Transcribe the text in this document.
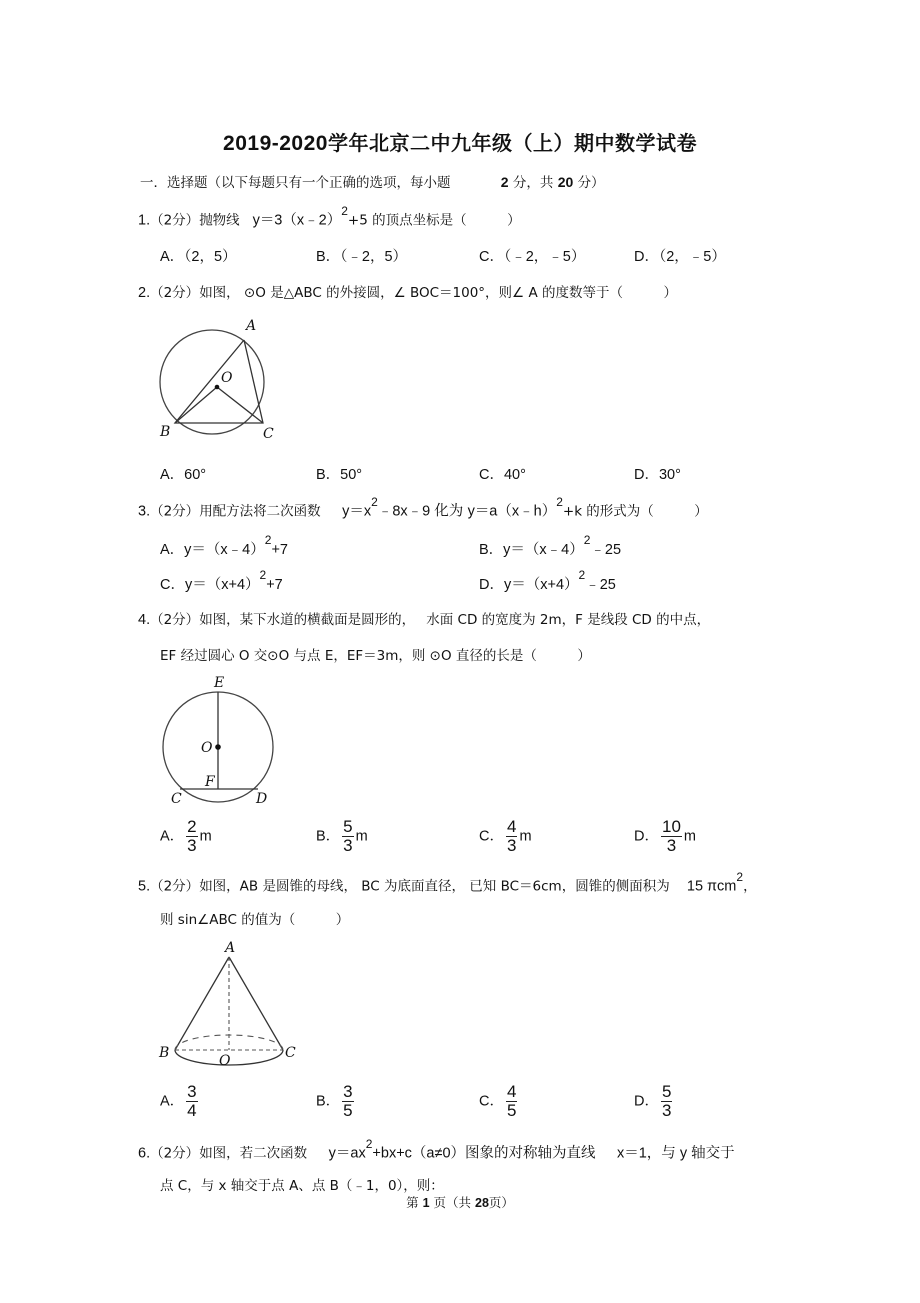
2019-2020学年北京二中九年级（上）期中数学试卷
一．选择题（以下每题只有一个正确的选项，每小题	2 分，共 20 分）
1.（2分）抛物线 y＝3（x﹣2）$^2$+5 的顶点坐标是（　　　）
A．（2，5）	B．（﹣2，5）	C．（﹣2，﹣5）	D．（2，﹣5）
2.（2分）如图， ⊙O 是△ABC 的外接圆，∠ BOC＝100°，则∠ A 的度数等于（　　　）
A
O
B	C
A．60°	B．50°	C．40°	D．30°
3.（2分）用配方法将二次函数 $y=x^2﹣8x﹣9$ 化为 y＝a（x﹣h）$^2$+k 的形式为（　　　）
A．y＝（x﹣4）$^2$+7	B．y＝（x﹣4）$^2$﹣25
C．$y=(x+4)^2+7$	D．$y=(x+4)^2﹣25$
4.（2分）如图，某下水道的横截面是圆形的，　 水面 CD 的宽度为 2m，F 是线段 CD 的中点，
EF 经过圆心 O 交⊙O 与点 E，EF＝3m，则 ⊙O 直径的长是（　　　）
E
O
F
C	D
A． $\frac{2}{3}$ m	B． $\frac{5}{3}$ m	C． $\frac{4}{3}$ m	D． $\frac{10}{3}$ m
5.（2分）如图，AB 是圆锥的母线， BC 为底面直径， 已知 BC＝6cm，圆锥的侧面积为 15 πcm$^2$，
则 sin∠ABC 的值为（　　　）
A
B	O	C
A． $\frac{3}{4}$	B． $\frac{3}{5}$	C． $\frac{4}{5}$	D． $\frac{5}{3}$
6.（2分）如图，若二次函数 $y=ax^2+bx+c(a\ne 0)$图象的对称轴为直线 x＝1，与 y 轴交于
点 C，与 x 轴交于点 A、点 B（﹣1，0），则：
第 1 页（共 28页）
